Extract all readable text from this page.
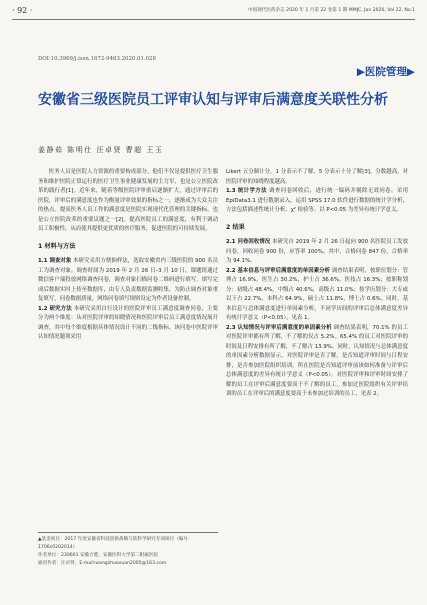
· 92 ·	中国现代医药杂志 2020 年 1 月第 22 卷第 1 期 MMJC, Jan 2020, Vol 22, No.1
DOI:10.3969/j.issn.1672-9463.2020.01.028
▶医院管理▶
安徽省三级医院员工评审认知与评审后满意度关联性分析
姜静茹 陈明仕 汪卓贤 曹超 王玉

医务人员是医院人力资源的重要构成部分，他们不仅是提供医疗卫生服务和维护医院正常运行的医疗卫生事业健康发展的主力军，也是公立医院改革的践行者[1]。近年来，随着等级医院评审重启逐渐扩大，通过评审后的医院，评审后的满意度也作为衡量评审效果的指标之一，逐渐成为大众关注的热点。提高医务人员工作的满意度是医院实现现代化管理的关键指标，也是公立医院改革的重要议题之一[2]。提高医院员工的满意度，有利于调动员工积极性，从而使其提供更优质的医疗服务，促进医院的可持续发展。

1 材料与方法

1.1 调查对象 本研究采用方便抽样法，选取安徽省内三级医院的 900 名员工为调查对象。调查时间为 2019 年 2 月 26 日–3 月 10 日。课题组通过微信客户端投放网络调查问卷，调查对象扫描问卷二维码进行填写。填写完成后数据实时上传至数据库，由专人负责数据监测收集。为防止调查对象重复填写，问卷数据质量，网络问卷填写规则设定为作者设备控制。

1.2 研究方法 本研究采用自行设计的医院评审员工满意度调查问卷，主要分为两个维度：从对医院评审的知晓情况和医院评审后员工满意度情况展开调查。其中每个维度根据具体情况设计不同的二级指标。该问卷中医院评审认知情况题项采用

Likert 五分制计分，1 分表示不了解，5 分表示十分了解[3]。分数越高，对医院评审的知晓程度越高。

1.3 统计学方法 调查问卷回收后，进行统一编码并剔除无效问卷。采用 EpiData3.1 进行数据录入，运用 SPSS 17.0 软件进行数据的统计学分析，方法包括描述性统计分析、χ² 检验等。以 P<0.05 为差异有统计学意义。

2 结果

2.1 问卷回收情况 本研究自 2019 年 2 月 26 日起向 900 名医院员工发放问卷，回收问卷 900 份，应答率 100%。其中，合格问卷 847 份，合格率为 94.1%。

2.2 基本信息与评审后满意度的单因素分析 调查结果表明，按职位划分：管理占 16.9%，医生占 30.2%，护士占 36.6%，医技占 16.3%；按职称划分：初级占 48.4%，中级占 40.6%，高级占 11.0%；按学历划分：大专或以下占 22.7%，本科占 64.9%，硕士占 11.8%，博士占 0.6%。同时，基本信息与总体满意度进行单因素分析，不同学历间的评审后总体满意度差异有统计学意义（P<0.05），见表 1。

2.3 认知情况与评审后满意度的单因素分析 调查结果表明，70.1% 的员工对医院评审都有所了解，不了解的仅占 5.2%。65.4% 的员工对医院评审的时间及日程安排有所了解，不了解占 13.9%。同时，认知情况与总体满意度的单因素分析数据显示，对医院评审是否了解，是否知道评审时间与日程安排，是否参加医院组织培训，所在医院是否知道评审前该如何准备与评审后总体满意度的差异有统计学意义（P<0.05）。对医院评审和评审时间安排了解的员工在评审后满意度要高于不了解的员工，参加过医院组织有关评审培训的员工在评审后的满意度要高于未参加过培训的员工，见表 2。

▲基金项目：2017 年度安徽省科技创新战略与软科学研究专项项目（编号：1706c0202014）
作者单位：230601 安徽合肥，安徽医科大学第二附属医院
通讯作者：汪卓贤，E-mail:wangzhuoxuan2005@163.com
